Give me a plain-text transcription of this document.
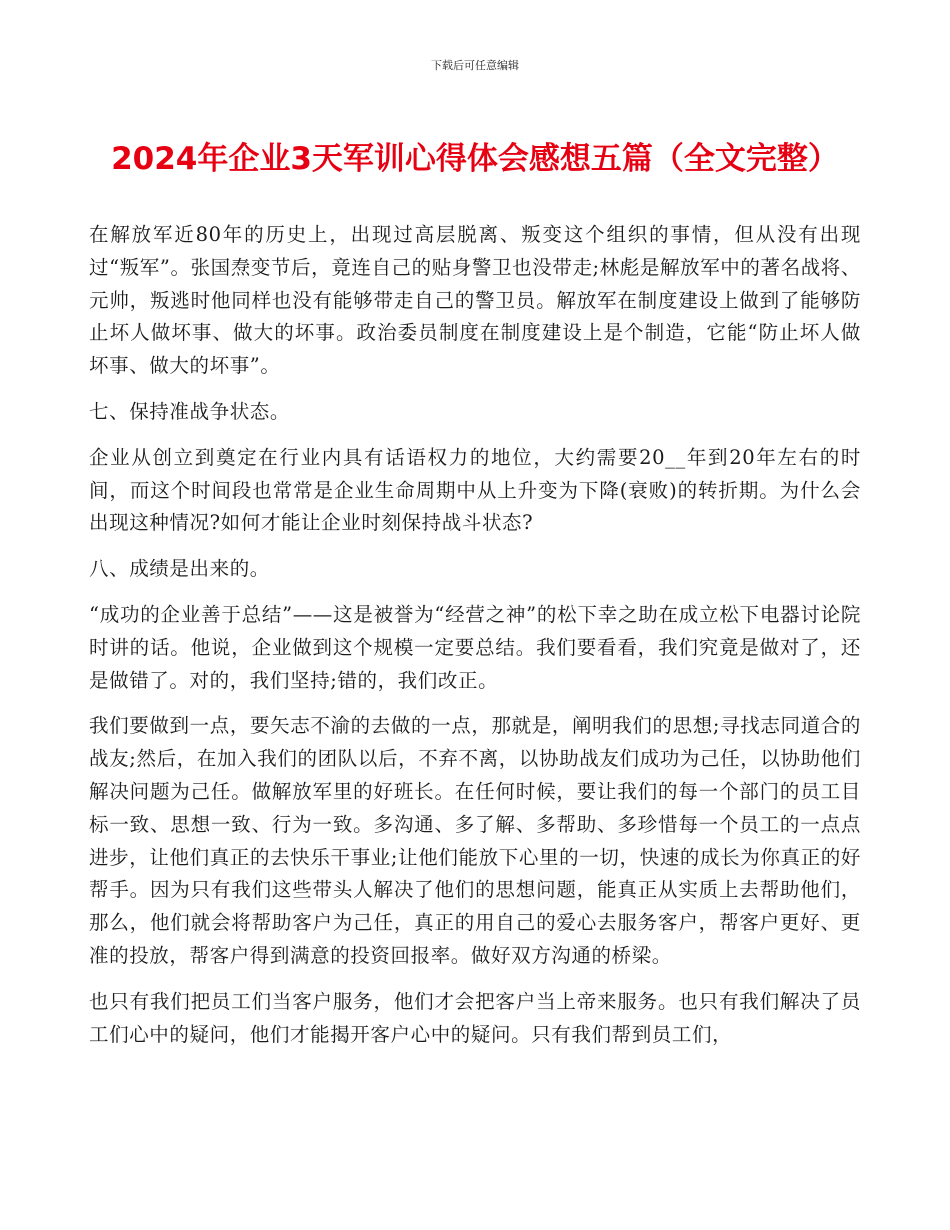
下载后可任意编辑

2024年企业3天军训心得体会感想五篇（全文完整）

在解放军近80年的历史上，出现过高层脱离、叛变这个组织的事情，但从没有出现过“叛军”。张国焘变节后，竟连自己的贴身警卫也没带走;林彪是解放军中的著名战将、元帅，叛逃时他同样也没有能够带走自己的警卫员。解放军在制度建设上做到了能够防止坏人做坏事、做大的坏事。政治委员制度在制度建设上是个制造，它能“防止坏人做坏事、做大的坏事”。

七、保持准战争状态。

企业从创立到奠定在行业内具有话语权力的地位，大约需要20__年到20年左右的时间，而这个时间段也常常是企业生命周期中从上升变为下降(衰败)的转折期。为什么会出现这种情况?如何才能让企业时刻保持战斗状态?

八、成绩是出来的。

“成功的企业善于总结”——这是被誉为“经营之神”的松下幸之助在成立松下电器讨论院时讲的话。他说，企业做到这个规模一定要总结。我们要看看，我们究竟是做对了，还是做错了。对的，我们坚持;错的，我们改正。

我们要做到一点，要矢志不渝的去做的一点，那就是，阐明我们的思想;寻找志同道合的战友;然后，在加入我们的团队以后，不弃不离，以协助战友们成功为己任，以协助他们解决问题为己任。做解放军里的好班长。在任何时候，要让我们的每一个部门的员工目标一致、思想一致、行为一致。多沟通、多了解、多帮助、多珍惜每一个员工的一点点进步，让他们真正的去快乐干事业;让他们能放下心里的一切，快速的成长为你真正的好帮手。因为只有我们这些带头人解决了他们的思想问题，能真正从实质上去帮助他们，那么，他们就会将帮助客户为己任，真正的用自己的爱心去服务客户，帮客户更好、更准的投放，帮客户得到满意的投资回报率。做好双方沟通的桥梁。

也只有我们把员工们当客户服务，他们才会把客户当上帝来服务。也只有我们解决了员工们心中的疑问，他们才能揭开客户心中的疑问。只有我们帮到员工们，
